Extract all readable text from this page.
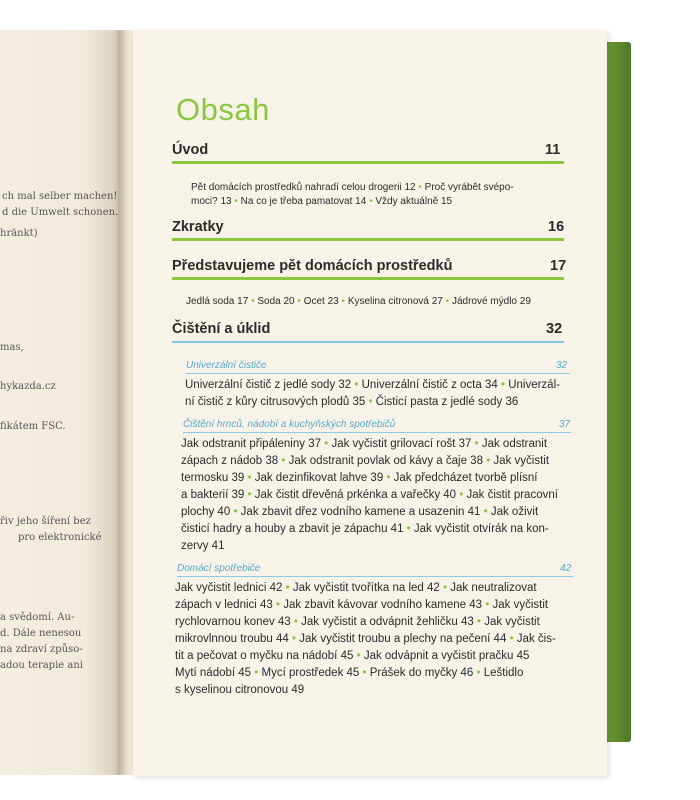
ch mal selber machen!
d die Umwelt schonen.
hränkt)
mas,
hykazda.cz
fikátem FSC.
řiv jeho šíření bez
pro elektronické
a svědomí. Au-
d. Dále nenesou
na zdraví způso-
adou terapie ani
Obsah
Úvod	11
Pět domácích prostředků nahradí celou drogerii 12 • Proč vyrábět svépo-
moci? 13 • Na co je třeba pamatovat 14 • Vždy aktuálně 15
Zkratky	16
Představujeme pět domácích prostředků	17
Jedlá soda 17 • Soda 20 • Ocet 23 • Kyselina citronová 27 • Jádrové mýdlo 29
Čištění a úklid	32
Univerzální čističe	32
Univerzální čistič z jedlé sody 32 • Univerzální čistič z octa 34 • Univerzál-
ní čistič z kůry citrusových plodů 35 • Čisticí pasta z jedlé sody 36
Čištění hrnců, nádobí a kuchyňských spotřebičů	37
Jak odstranit připáleniny 37 • Jak vyčistit grilovací rošt 37 • Jak odstranit
zápach z nádob 38 • Jak odstranit povlak od kávy a čaje 38 • Jak vyčistit
termosku 39 • Jak dezinfikovat lahve 39 • Jak předcházet tvorbě plísní
a bakterií 39 • Jak čistit dřevěná prkénka a vařečky 40 • Jak čistit pracovní
plochy 40 • Jak zbavit dřez vodního kamene a usazenin 41 • Jak oživit
čisticí hadry a houby a zbavit je zápachu 41 • Jak vyčistit otvírák na kon-
zervy 41
Domácí spotřebiče	42
Jak vyčistit lednici 42 • Jak vyčistit tvořítka na led 42 • Jak neutralizovat
zápach v lednici 43 • Jak zbavit kávovar vodního kamene 43 • Jak vyčistit
rychlovarnou konev 43 • Jak vyčistit a odvápnit žehličku 43 • Jak vyčistit
mikrovlnnou troubu 44 • Jak vyčistit troubu a plechy na pečení 44 • Jak čis-
tit a pečovat o myčku na nádobí 45 • Jak odvápnit a vyčistit pračku 45
Mytí nádobí 45 • Mycí prostředek 45 • Prášek do myčky 46 • Leštidlo
s kyselinou citronovou 49
